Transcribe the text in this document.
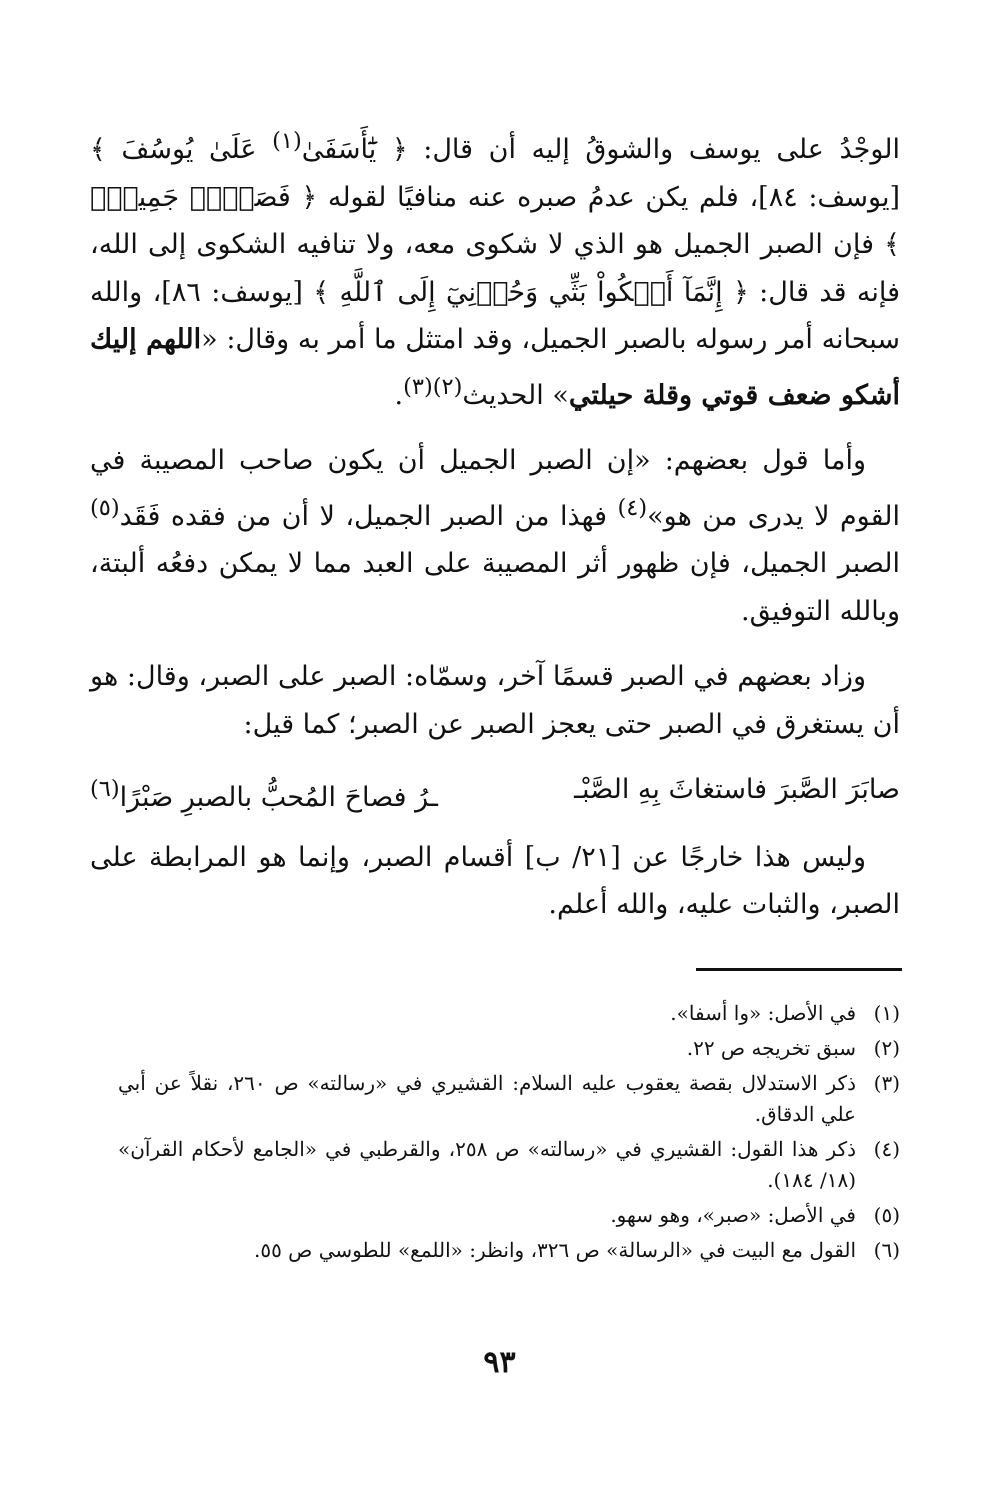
الوجْدُ على يوسف والشوقُ إليه أن قال: ﴿ يَٰٓأَسَفَىٰ$^{(١)}$ عَلَىٰ يُوسُفَ ﴾ [يوسف: ٨٤]، فلم يكن عدمُ صبره عنه منافيًا لقوله ﴿ فَصَبۡرٞ جَمِيلٞۖ ﴾ فإن الصبر الجميل هو الذي لا شكوى معه، ولا تنافيه الشكوى إلى الله، فإنه قد قال: ﴿ إِنَّمَآ أَشۡكُواْ بَثِّي وَحُزۡنِيٓ إِلَى ٱللَّهِ ﴾ [يوسف: ٨٦]، والله سبحانه أمر رسوله بالصبر الجميل، وقد امتثل ما أمر به وقال: «اللهم إليك أشكو ضعف قوتي وقلة حيلتي» الحديث$^{(٢)(٣)}$.

وأما قول بعضهم: «إن الصبر الجميل أن يكون صاحب المصيبة في القوم لا يدرى من هو»$^{(٤)}$ فهذا من الصبر الجميل، لا أن من فقده فَقَد$^{(٥)}$ الصبر الجميل، فإن ظهور أثر المصيبة على العبد مما لا يمكن دفعُه ألبتة، وبالله التوفيق.

وزاد بعضهم في الصبر قسمًا آخر، وسمّاه: الصبر على الصبر، وقال: هو أن يستغرق في الصبر حتى يعجز الصبر عن الصبر؛ كما قيل:

صابَرَ الصَّبرَ فاستغاثَ بِهِ الصَّبْـ
ـرُ فصاحَ المُحبُّ بالصبرِ صَبْرًا$^{(٦)}$

وليس هذا خارجًا عن [٢١/ ب] أقسام الصبر، وإنما هو المرابطة على الصبر، والثبات عليه، والله أعلم.

(١)
في الأصل: «وا أسفا».
(٢)
سبق تخريجه ص ٢٢.
(٣)
ذكر الاستدلال بقصة يعقوب عليه السلام: القشيري في «رسالته» ص ٢٦٠، نقلاً عن أبي علي الدقاق.
(٤)
ذكر هذا القول: القشيري في «رسالته» ص ٢٥٨، والقرطبي في «الجامع لأحكام القرآن» (١٨/ ١٨٤).
(٥)
في الأصل: «صبر»، وهو سهو.
(٦)
القول مع البيت في «الرسالة» ص ٣٢٦، وانظر: «اللمع» للطوسي ص ٥٥.
٩٣
